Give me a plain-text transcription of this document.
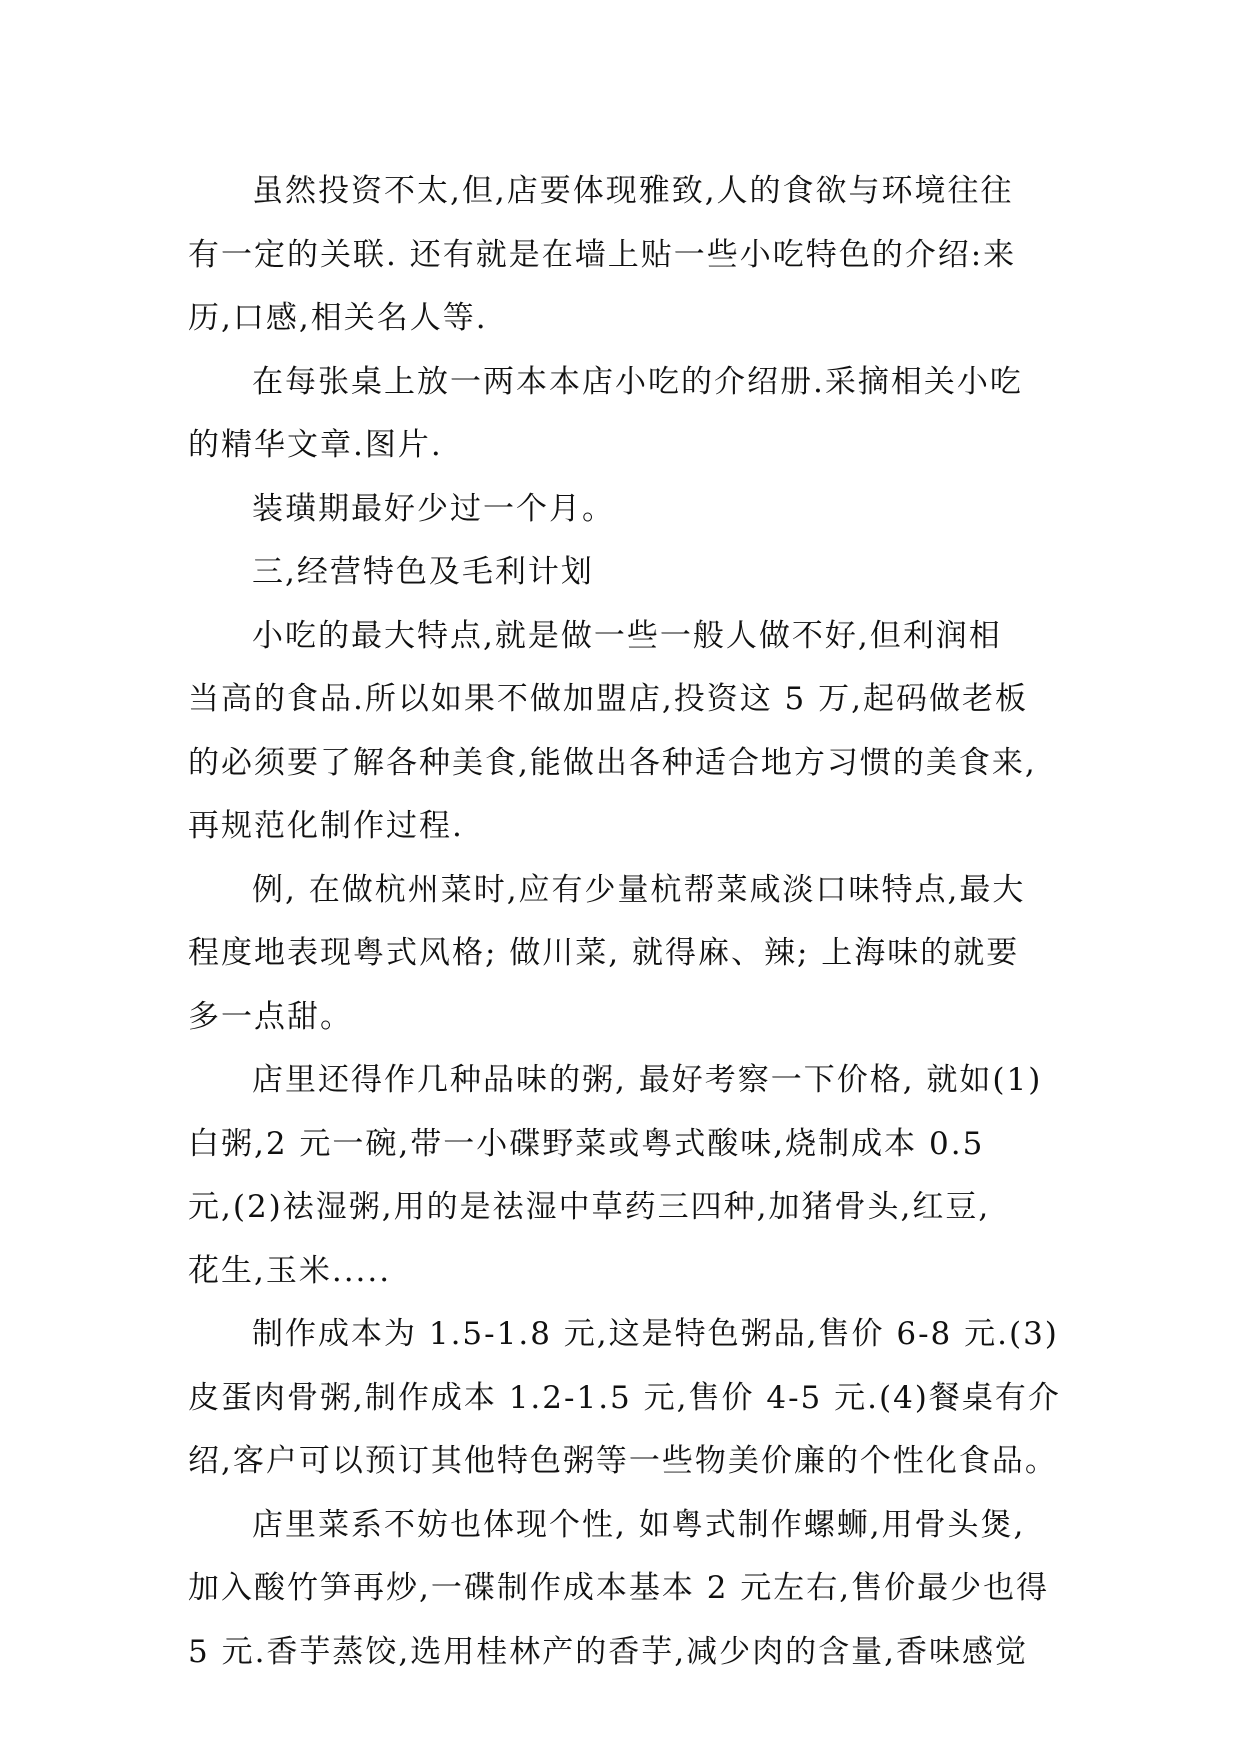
虽然投资不太,但,店要体现雅致,人的食欲与环境往往
有一定的关联. 还有就是在墙上贴一些小吃特色的介绍:来
历,口感,相关名人等.
在每张桌上放一两本本店小吃的介绍册.采摘相关小吃
的精华文章.图片.
装璜期最好少过一个月。
三,经营特色及毛利计划
小吃的最大特点,就是做一些一般人做不好,但利润相
当高的食品.所以如果不做加盟店,投资这 5 万,起码做老板
的必须要了解各种美食,能做出各种适合地方习惯的美食来,
再规范化制作过程.
例, 在做杭州菜时,应有少量杭帮菜咸淡口味特点,最大
程度地表现粤式风格; 做川菜, 就得麻、辣; 上海味的就要
多一点甜。
店里还得作几种品味的粥, 最好考察一下价格, 就如(1)
白粥,2 元一碗,带一小碟野菜或粤式酸味,烧制成本 0.5
元,(2)祛湿粥,用的是祛湿中草药三四种,加猪骨头,红豆,
花生,玉米.....
制作成本为 1.5-1.8 元,这是特色粥品,售价 6-8 元.(3)
皮蛋肉骨粥,制作成本 1.2-1.5 元,售价 4-5 元.(4)餐桌有介
绍,客户可以预订其他特色粥等一些物美价廉的个性化食品。
店里菜系不妨也体现个性, 如粤式制作螺蛳,用骨头煲,
加入酸竹笋再炒,一碟制作成本基本 2 元左右,售价最少也得
5 元.香芋蒸饺,选用桂林产的香芋,减少肉的含量,香味感觉
